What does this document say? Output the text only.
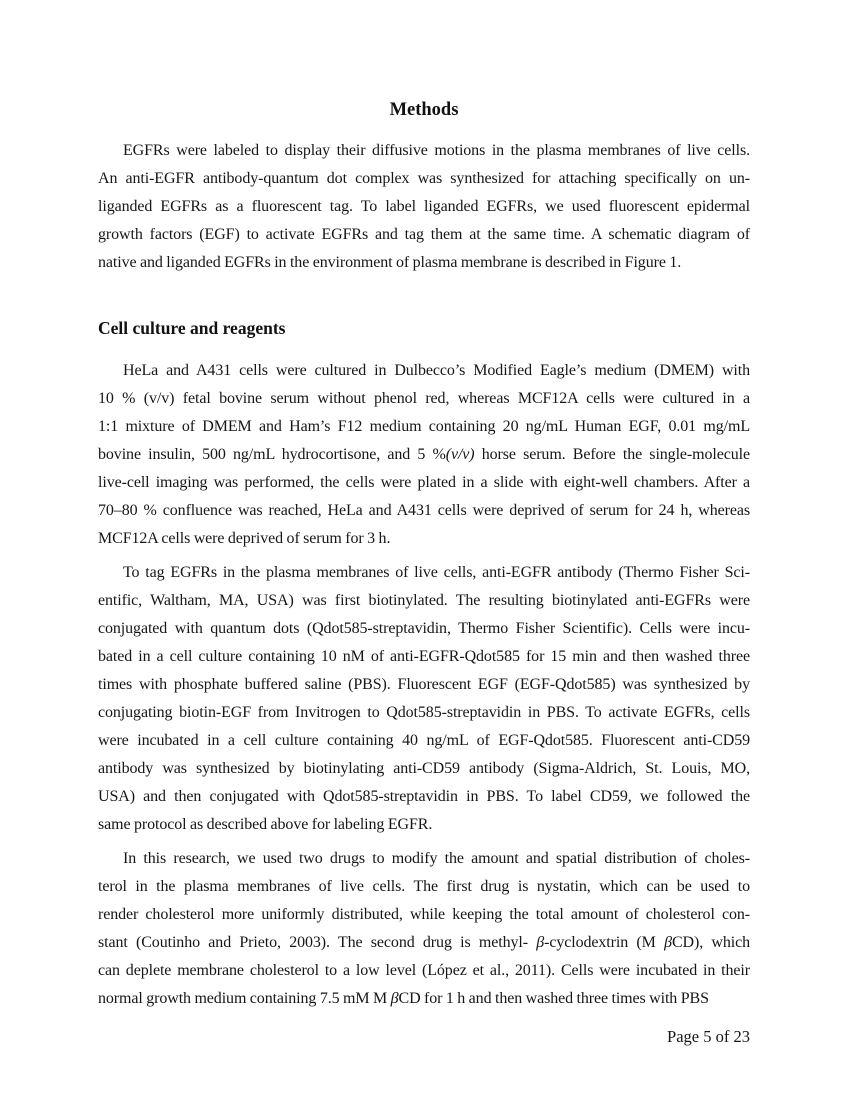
Methods
EGFRs were labeled to display their diffusive motions in the plasma membranes of live cells.
An anti-EGFR antibody-quantum dot complex was synthesized for attaching specifically on un-
liganded EGFRs as a fluorescent tag. To label liganded EGFRs, we used fluorescent epidermal
growth factors (EGF) to activate EGFRs and tag them at the same time. A schematic diagram of
native and liganded EGFRs in the environment of plasma membrane is described in Figure 1.
Cell culture and reagents
HeLa and A431 cells were cultured in Dulbecco’s Modified Eagle’s medium (DMEM) with
10 % (v/v) fetal bovine serum without phenol red, whereas MCF12A cells were cultured in a
1:1 mixture of DMEM and Ham’s F12 medium containing 20 ng/mL Human EGF, 0.01 mg/mL
bovine insulin, 500 ng/mL hydrocortisone, and 5 %(v/v) horse serum. Before the single-molecule
live-cell imaging was performed, the cells were plated in a slide with eight-well chambers. After a
70–80 % confluence was reached, HeLa and A431 cells were deprived of serum for 24 h, whereas
MCF12A cells were deprived of serum for 3 h.
To tag EGFRs in the plasma membranes of live cells, anti-EGFR antibody (Thermo Fisher Sci-
entific, Waltham, MA, USA) was first biotinylated. The resulting biotinylated anti-EGFRs were
conjugated with quantum dots (Qdot585-streptavidin, Thermo Fisher Scientific). Cells were incu-
bated in a cell culture containing 10 nM of anti-EGFR-Qdot585 for 15 min and then washed three
times with phosphate buffered saline (PBS). Fluorescent EGF (EGF-Qdot585) was synthesized by
conjugating biotin-EGF from Invitrogen to Qdot585-streptavidin in PBS. To activate EGFRs, cells
were incubated in a cell culture containing 40 ng/mL of EGF-Qdot585. Fluorescent anti-CD59
antibody was synthesized by biotinylating anti-CD59 antibody (Sigma-Aldrich, St. Louis, MO,
USA) and then conjugated with Qdot585-streptavidin in PBS. To label CD59, we followed the
same protocol as described above for labeling EGFR.
In this research, we used two drugs to modify the amount and spatial distribution of choles-
terol in the plasma membranes of live cells. The first drug is nystatin, which can be used to
render cholesterol more uniformly distributed, while keeping the total amount of cholesterol con-
stant (Coutinho and Prieto, 2003). The second drug is methyl- β-cyclodextrin (M βCD), which
can deplete membrane cholesterol to a low level (López et al., 2011). Cells were incubated in their
normal growth medium containing 7.5 mM M βCD for 1 h and then washed three times with PBS
Page 5 of 23
